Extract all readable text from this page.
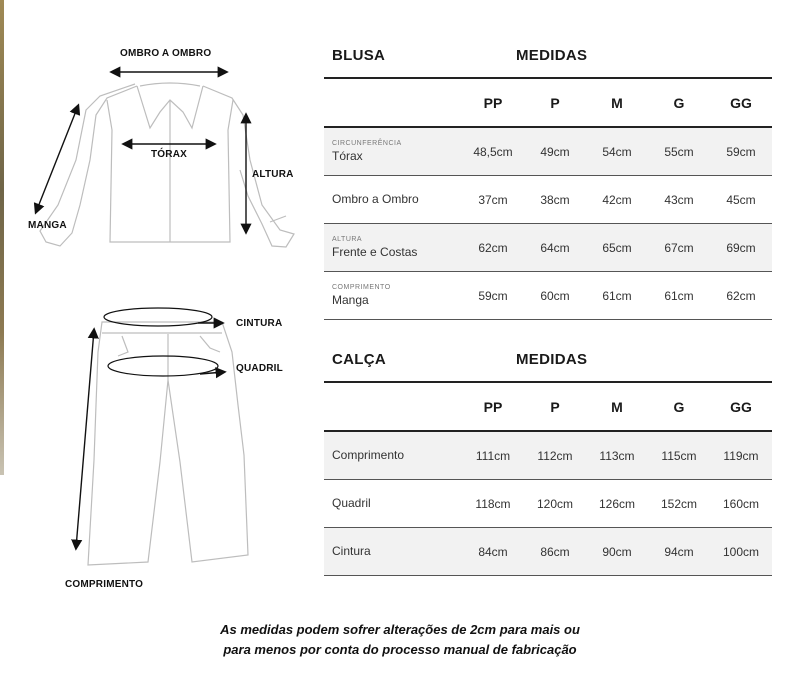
OMBRO A OMBRO
TÓRAX
ALTURA
MANGA
CINTURA
QUADRIL
COMPRIMENTO
BLUSA	MEDIDAS
	PP	P	M	G	GG

CIRCUNFERÊNCIA
Tórax	48,5cm	49cm	54cm	55cm	59cm

Ombro a Ombro	37cm	38cm	42cm	43cm	45cm

ALTURA
Frente e Costas	62cm	64cm	65cm	67cm	69cm

COMPRIMENTO
Manga	59cm	60cm	61cm	61cm	62cm
CALÇA	MEDIDAS
	PP	P	M	G	GG

Comprimento	111cm	112cm	113cm	115cm	119cm

Quadril	118cm	120cm	126cm	152cm	160cm

Cintura	84cm	86cm	90cm	94cm	100cm
As medidas podem sofrer alterações de 2cm para mais ou
para menos por conta do processo manual de fabricação
